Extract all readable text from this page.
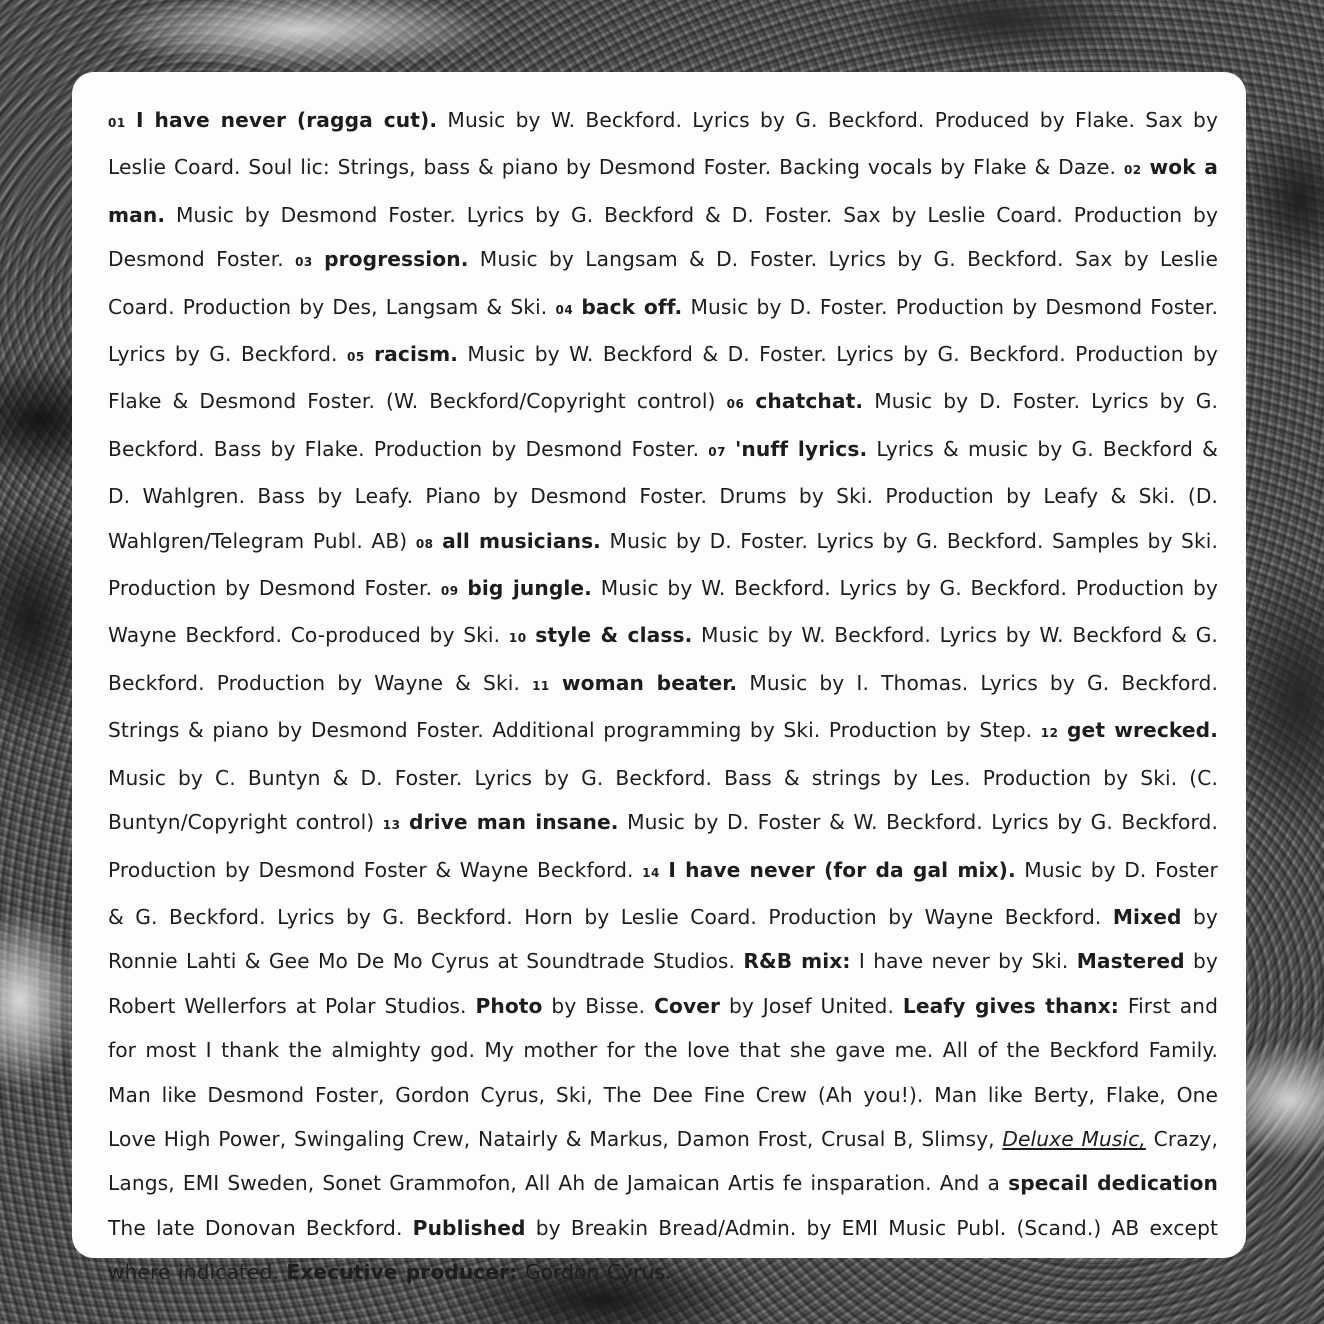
01 I have never (ragga cut). Music by W. Beckford. Lyrics by G. Beckford. Produced by Flake. Sax by Leslie Coard. Soul lic: Strings, bass & piano by Desmond Foster. Backing vocals by Flake & Daze. 02 wok a man. Music by Desmond Foster. Lyrics by G. Beckford & D. Foster. Sax by Leslie Coard. Production by Desmond Foster. 03 progression. Music by Langsam & D. Foster. Lyrics by G. Beckford. Sax by Leslie Coard. Production by Des, Langsam & Ski. 04 back off. Music by D. Foster. Production by Desmond Foster. Lyrics by G. Beckford. 05 racism. Music by W. Beckford & D. Foster. Lyrics by G. Beckford. Production by Flake & Desmond Foster. (W. Beckford/Copyright control) 06 chatchat. Music by D. Foster. Lyrics by G. Beckford. Bass by Flake. Production by Desmond Foster. 07 'nuff lyrics. Lyrics & music by G. Beckford & D. Wahlgren. Bass by Leafy. Piano by Desmond Foster. Drums by Ski. Production by Leafy & Ski. (D. Wahlgren/Telegram Publ. AB) 08 all musicians. Music by D. Foster. Lyrics by G. Beckford. Samples by Ski. Production by Desmond Foster. 09 big jungle. Music by W. Beckford. Lyrics by G. Beckford. Production by Wayne Beckford. Co-produced by Ski. 10 style & class. Music by W. Beckford. Lyrics by W. Beckford & G. Beckford. Production by Wayne & Ski. 11 woman beater. Music by I. Thomas. Lyrics by G. Beckford. Strings & piano by Desmond Foster. Additional programming by Ski. Production by Step. 12 get wrecked. Music by C. Buntyn & D. Foster. Lyrics by G. Beckford. Bass & strings by Les. Production by Ski. (C. Buntyn/Copyright control) 13 drive man insane. Music by D. Foster & W. Beckford. Lyrics by G. Beckford. Production by Desmond Foster & Wayne Beckford. 14 I have never (for da gal mix). Music by D. Foster & G. Beckford. Lyrics by G. Beckford. Horn by Leslie Coard. Production by Wayne Beckford. Mixed by Ronnie Lahti & Gee Mo De Mo Cyrus at Soundtrade Studios. R&B mix: I have never by Ski. Mastered by Robert Wellerfors at Polar Studios. Photo by Bisse. Cover by Josef United. Leafy gives thanx: First and for most I thank the almighty god. My mother for the love that she gave me. All of the Beckford Family. Man like Desmond Foster, Gordon Cyrus, Ski, The Dee Fine Crew (Ah you!). Man like Berty, Flake, One Love High Power, Swingaling Crew, Natairly & Markus, Damon Frost, Crusal B, Slimsy, Deluxe Music, Crazy, Langs, EMI Sweden, Sonet Grammofon, All Ah de Jamaican Artis fe insparation. And a specail dedication The late Donovan Beckford. Published by Breakin Bread/Admin. by EMI Music Publ. (Scand.) AB except where indicated. Executive producer: Gordon Cyrus.
